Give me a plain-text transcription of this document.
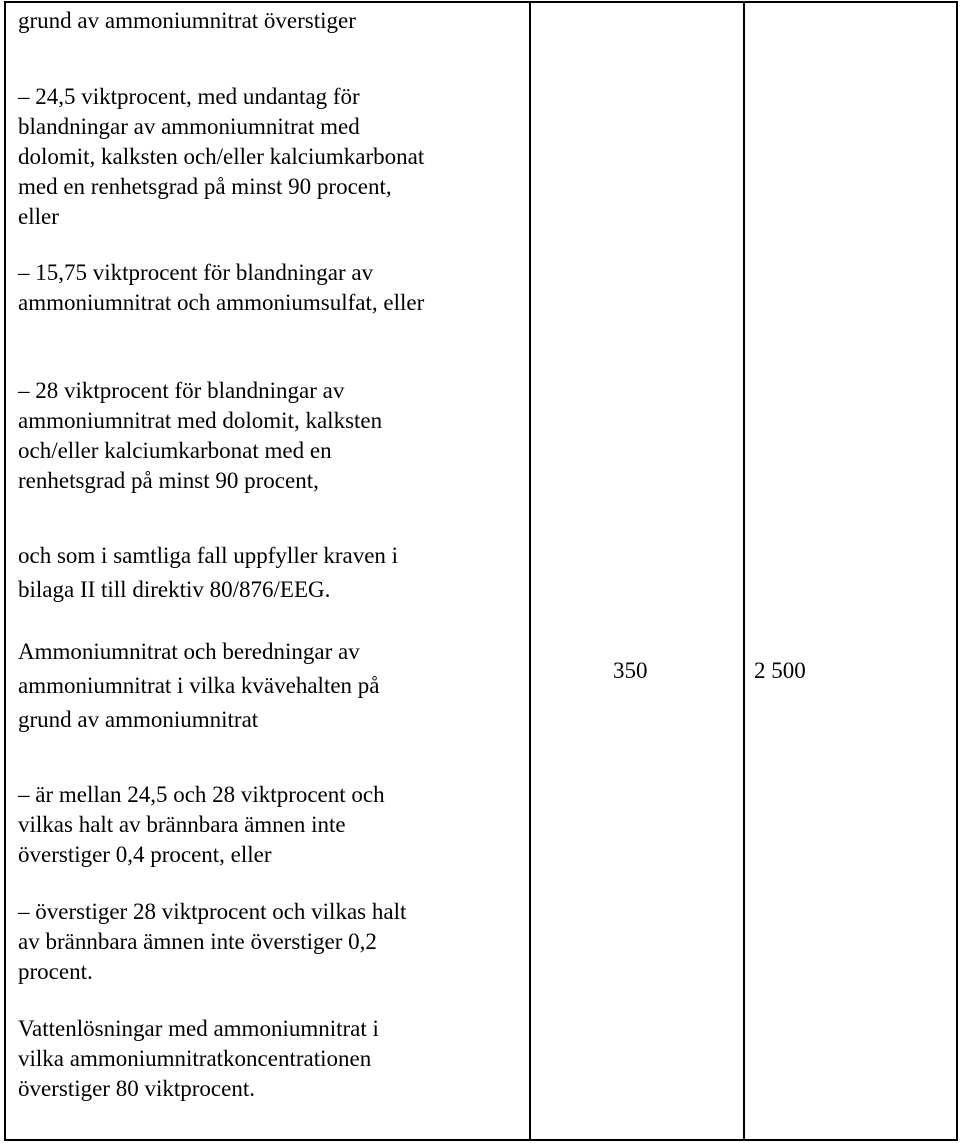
grund av ammoniumnitrat överstiger

– 24,5 viktprocent, med undantag för

blandningar av ammoniumnitrat med

dolomit, kalksten och/eller kalciumkarbonat

med en renhetsgrad på minst 90 procent,

eller

– 15,75 viktprocent för blandningar av

ammoniumnitrat och ammoniumsulfat, eller

– 28 viktprocent för blandningar av

ammoniumnitrat med dolomit, kalksten

och/eller kalciumkarbonat med en

renhetsgrad på minst 90 procent,

och som i samtliga fall uppfyller kraven i

bilaga II till direktiv 80/876/EEG.

Ammoniumnitrat och beredningar av

ammoniumnitrat i vilka kvävehalten på

grund av ammoniumnitrat

350	2 500

– är mellan 24,5 och 28 viktprocent och

vilkas halt av brännbara ämnen inte

överstiger 0,4 procent, eller

– överstiger 28 viktprocent och vilkas halt

av brännbara ämnen inte överstiger 0,2

procent.

Vattenlösningar med ammoniumnitrat i

vilka ammoniumnitratkoncentrationen

överstiger 80 viktprocent.
